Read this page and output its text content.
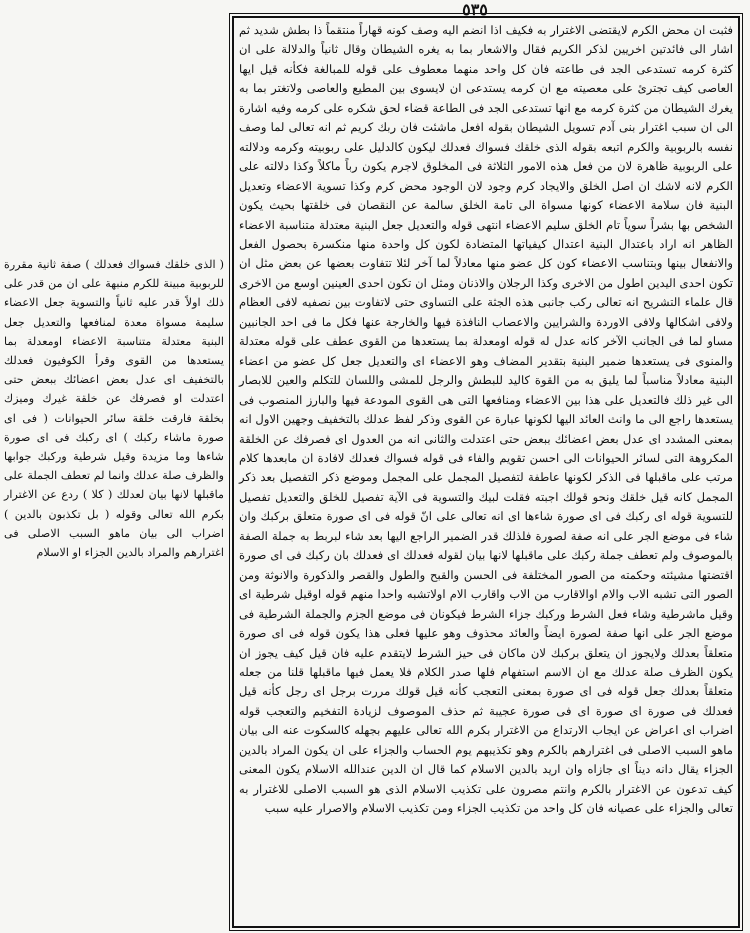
٥٣٥
فثبت ان محض الكرم لايقتضى الاغترار به فكيف اذا انضم اليه وصف كونه قهاراً منتقماً ذا بطش شديد ثم اشار الى فائدتين اخريين لذكر الكريم فقال والاشعار بما به يغره الشيطان وقال ثانياً والدلالة على ان كثرة كرمه تستدعى الجد فى طاعته فان كل واحد منهما معطوف على قوله للمبالغة فكأنه قيل ايها العاصى كيف تجترئ على معصيته مع ان كرمه يستدعى ان لايسوى بين المطيع والعاصى ولاتغتر بما به يغرك الشيطان من كثرة كرمه مع انها تستدعى الجد فى الطاعة قضاء لحق شكره على كرمه وفيه اشارة الى ان سبب اغترار بنى آدم تسويل الشيطان بقوله افعل ماشئت فان ربك كريم ثم انه تعالى لما وصف نفسه بالربوبية والكرم اتبعه بقوله الذى خلقك فسواك فعدلك ليكون كالدليل على ربوبيته وكرمه ودلالته على الربوبية ظاهرة لان من فعل هذه الامور الثلاثة فى المخلوق لاجرم يكون رباً ماكلاً وكذا دلالته على الكرم لانه لاشك ان اصل الخلق والايجاد كرم وجود لان الوجود محض كرم وكذا تسوية الاعضاء وتعديل البنية فان سلامة الاعضاء كونها مسواة الى تامة الخلق سالمة عن النقصان فى خلقتها بحيث يكون الشخص بها بشراً سوياً تام الخلق سليم الاعضاء انتهى قوله والتعديل جعل البنية معتدلة متناسبة الاعضاء الظاهر انه اراد باعتدال البنية اعتدال كيفياتها المتضادة لكون كل واحدة منها منكسرة بحصول الفعل والانفعال بينها وبتناسب الاعضاء كون كل عضو منها معادلاً لما آخر لئلا تتفاوت بعضها عن بعض مثل ان تكون احدى اليدين اطول من الاخرى وكذا الرجلان والاذنان ومثل ان تكون احدى العينين اوسع من الاخرى قال علماء التشريح انه تعالى ركب جانبى هذه الجثة على التساوى حتى لاتفاوت بين نصفيه لافى العظام ولافى اشكالها ولافى الاوردة والشرايين والاعصاب النافذة فيها والخارجة عنها فكل ما فى احد الجانبين مساو لما فى الجانب الآخر كانه عدل له قوله اومعدلة بما يستعدها من القوى عطف على قوله معتدلة والمنوى فى يستعدها ضمير البنية بتقدير المضاف وهو الاعضاء اى والتعديل جعل كل عضو من اعضاء البنية معادلاً مناسباً لما يليق به من القوة كاليد للبطش والرجل للمشى واللسان للتكلم والعين للابصار الى غير ذلك فالتعديل على هذا بين الاعضاء ومنافعها التى هى القوى المودعة فيها والبارز المنصوب فى يستعدها راجع الى ما وانث العائد اليها لكونها عبارة عن القوى وذكر لفظ عدلك بالتخفيف وجهين الاول انه بمعنى المشدد اى عدل بعض اعضائك ببعض حتى اعتدلت والثانى انه من العدول اى فصرفك عن الخلقة المكروهة التى لسائر الحيوانات الى احسن تقويم والفاء فى قوله فسواك فعدلك لافادة ان مابعدها كلام مرتب على ماقبلها فى الذكر لكونها عاطفة لتفصيل المجمل على المجمل وموضع ذكر التفصيل بعد ذكر المجمل كانه قيل خلقك ونحو قولك اجبته فقلت لبيك والتسوية فى الآية تفصيل للخلق والتعديل تفصيل للتسوية قوله اى ركبك فى اى صورة شاءها اى انه تعالى على انّ قوله فى اى صورة متعلق بركبك وان شاء فى موضع الجر على انه صفة لصورة فلذلك قدر الضمير الراجع اليها بعد شاء لبربط به جملة الصفة بالموصوف ولم تعطف جملة ركبك على ماقبلها لانها بيان لقوله فعدلك اى فعدلك بان ركبك فى اى صورة اقتضتها مشيئته وحكمته من الصور المختلفة فى الحسن والقبح والطول والقصر والذكورة والانوثة ومن الصور التى تشبه الاب والام اوالاقارب من الاب واقارب الام اولاتشبه واحدا منهم قوله اوقيل شرطية اى وقيل ماشرطية وشاء فعل الشرط وركبك جزاء الشرط فيكونان فى موضع الجزم والجملة الشرطية فى موضع الجر على انها صفة لصورة ايضاً والعائد محذوف وهو عليها فعلى هذا يكون قوله فى اى صورة متعلقاً بعدلك ولايجوز ان يتعلق بركبك لان ماكان فى حيز الشرط لايتقدم عليه فان قيل كيف يجوز ان يكون الظرف صلة عدلك مع ان الاسم استفهام فلها صدر الكلام فلا يعمل فيها ماقبلها قلنا من جعله متعلقاً بعدلك جعل قوله فى اى صورة بمعنى التعجب كأنه قيل قولك مررت برجل اى رجل كأنه قيل فعدلك فى صورة اى صورة اى فى صورة عجيبة ثم حذف الموصوف لزيادة التفخيم والتعجب قوله اضراب اى اعراض عن ايجاب الارتداع من الاغترار بكرم الله تعالى عليهم بجهله كالسكوت عنه الى بيان ماهو السبب الاصلى فى اغترارهم بالكرم وهو تكذيبهم يوم الحساب والجزاء على ان يكون المراد بالدين الجزاء يقال دانه ديناً اى جازاه وان اريد بالدين الاسلام كما قال ان الدين عندالله الاسلام يكون المعنى كيف تدعون عن الاغترار بالكرم وانتم مصرون على تكذيب الاسلام الذى هو السبب الاصلى للاغترار به تعالى والجزاء على عصيانه فان كل واحد من تكذيب الجزاء ومن تكذيب الاسلام والاصرار عليه سبب

( الذى خلقك فسواك فعدلك ) صفة ثانية مقررة للربوبية مبينة للكرم منبهة على ان من قدر على ذلك اولاً قدر عليه ثانياً والتسوية جعل الاعضاء سليمة مسواة معدة لمنافعها والتعديل جعل البنية معتدلة متناسبة الاعضاء اومعدلة بما يستعدها من القوى وقرأ الكوفيون فعدلك بالتخفيف اى عدل بعض اعضائك ببعض حتى اعتدلت او فصرفك عن خلقة غيرك وميزك بخلقة فارقت خلقة سائر الحيوانات ( فى اى صورة ماشاء ركبك ) اى ركبك فى اى صورة شاءها وما مزيدة وقيل شرطية وركبك جوابها والظرف صلة عدلك وانما لم تعطف الجملة على ماقبلها لانها بيان لعدلك ( كلا ) ردع عن الاغترار بكرم الله تعالى وقوله ( بل تكذبون بالدين ) اضراب الى بيان ماهو السبب الاصلى فى اغترارهم والمراد بالدين الجزاء او الاسلام
